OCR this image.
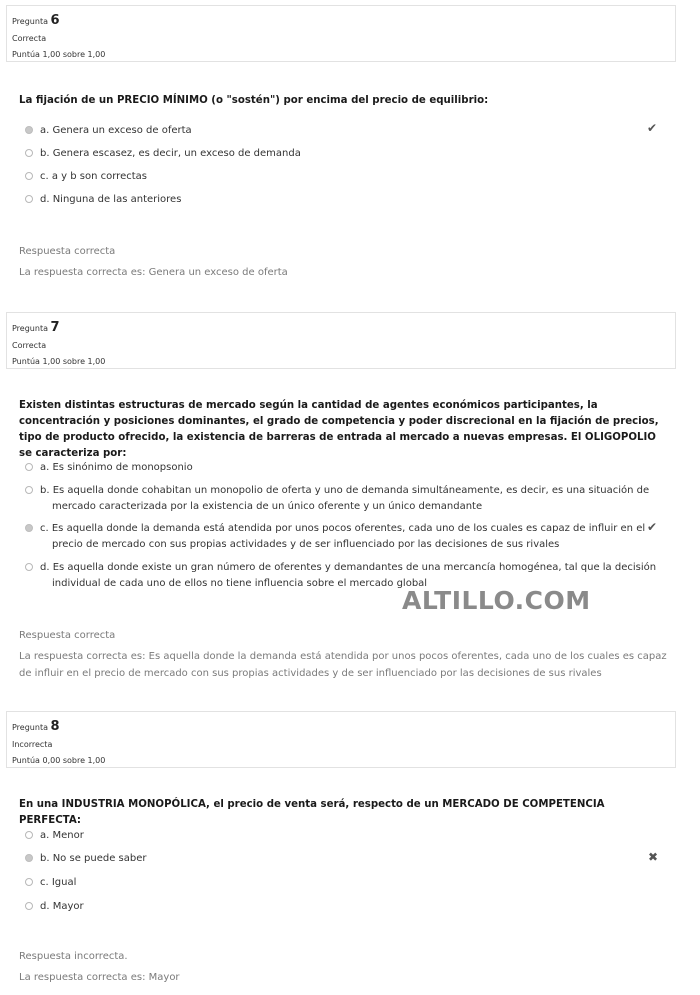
Pregunta 6
Correcta
Puntúa 1,00 sobre 1,00
La fijación de un PRECIO MÍNIMO (o "sostén") por encima del precio de equilibrio:
a. Genera un exceso de oferta	✔
b. Genera escasez, es decir, un exceso de demanda
c. a y b son correctas
d. Ninguna de las anteriores
Respuesta correcta
La respuesta correcta es: Genera un exceso de oferta
Pregunta 7
Correcta
Puntúa 1,00 sobre 1,00
Existen distintas estructuras de mercado según la cantidad de agentes económicos participantes, la concentración y posiciones dominantes, el grado de competencia y poder discrecional en la fijación de precios, tipo de producto ofrecido, la existencia de barreras de entrada al mercado a nuevas empresas. El OLIGOPOLIO se caracteriza por:
a. Es sinónimo de monopsonio
b. Es aquella donde cohabitan un monopolio de oferta y uno de demanda simultáneamente, es decir, es una situación de mercado caracterizada por la existencia de un único oferente y un único demandante
c. Es aquella donde la demanda está atendida por unos pocos oferentes, cada uno de los cuales es capaz de influir en el precio de mercado con sus propias actividades y de ser influenciado por las decisiones de sus rivales
✔
d. Es aquella donde existe un gran número de oferentes y demandantes de una mercancía homogénea, tal que la decisión individual de cada uno de ellos no tiene influencia sobre el mercado global
ALTILLO.COM
Respuesta correcta
La respuesta correcta es: Es aquella donde la demanda está atendida por unos pocos oferentes, cada uno de los cuales es capaz de influir en el precio de mercado con sus propias actividades y de ser influenciado por las decisiones de sus rivales
Pregunta 8
Incorrecta
Puntúa 0,00 sobre 1,00
En una INDUSTRIA MONOPÓLICA, el precio de venta será, respecto de un MERCADO DE COMPETENCIA PERFECTA:
a. Menor
b. No se puede saber	✖
c. Igual
d. Mayor
Respuesta incorrecta.
La respuesta correcta es: Mayor
